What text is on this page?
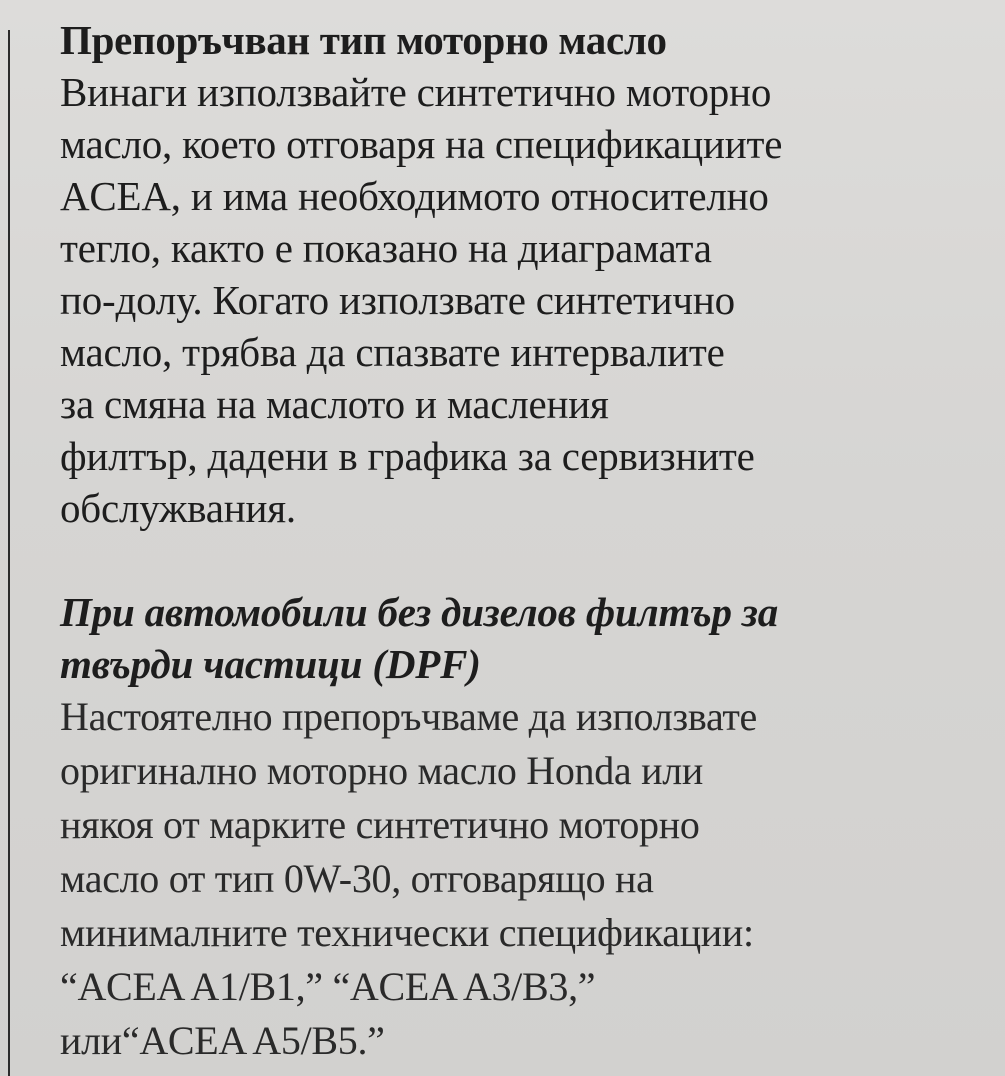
Препоръчван тип моторно масло

Винаги използвайте синтетично моторно
масло, което отговаря на спецификациите
ACEA, и има необходимото относително
тегло, както е показано на диаграмата
по-долу. Когато използвате синтетично
масло, трябва да спазвате интервалите
за смяна на маслото и масления
филтър, дадени в графика за сервизните
обслужвания.

При автомобили без дизелов филтър за
твърди частици (DPF)

Настоятелно препоръчваме да използвате
оригинално моторно масло Honda или
някоя от марките синтетично моторно
масло от тип 0W-30, отговарящо на
минималните технически спецификации:
“ACEA A1/B1,” “ACEA A3/B3,”
или“ACEA A5/B5.”
